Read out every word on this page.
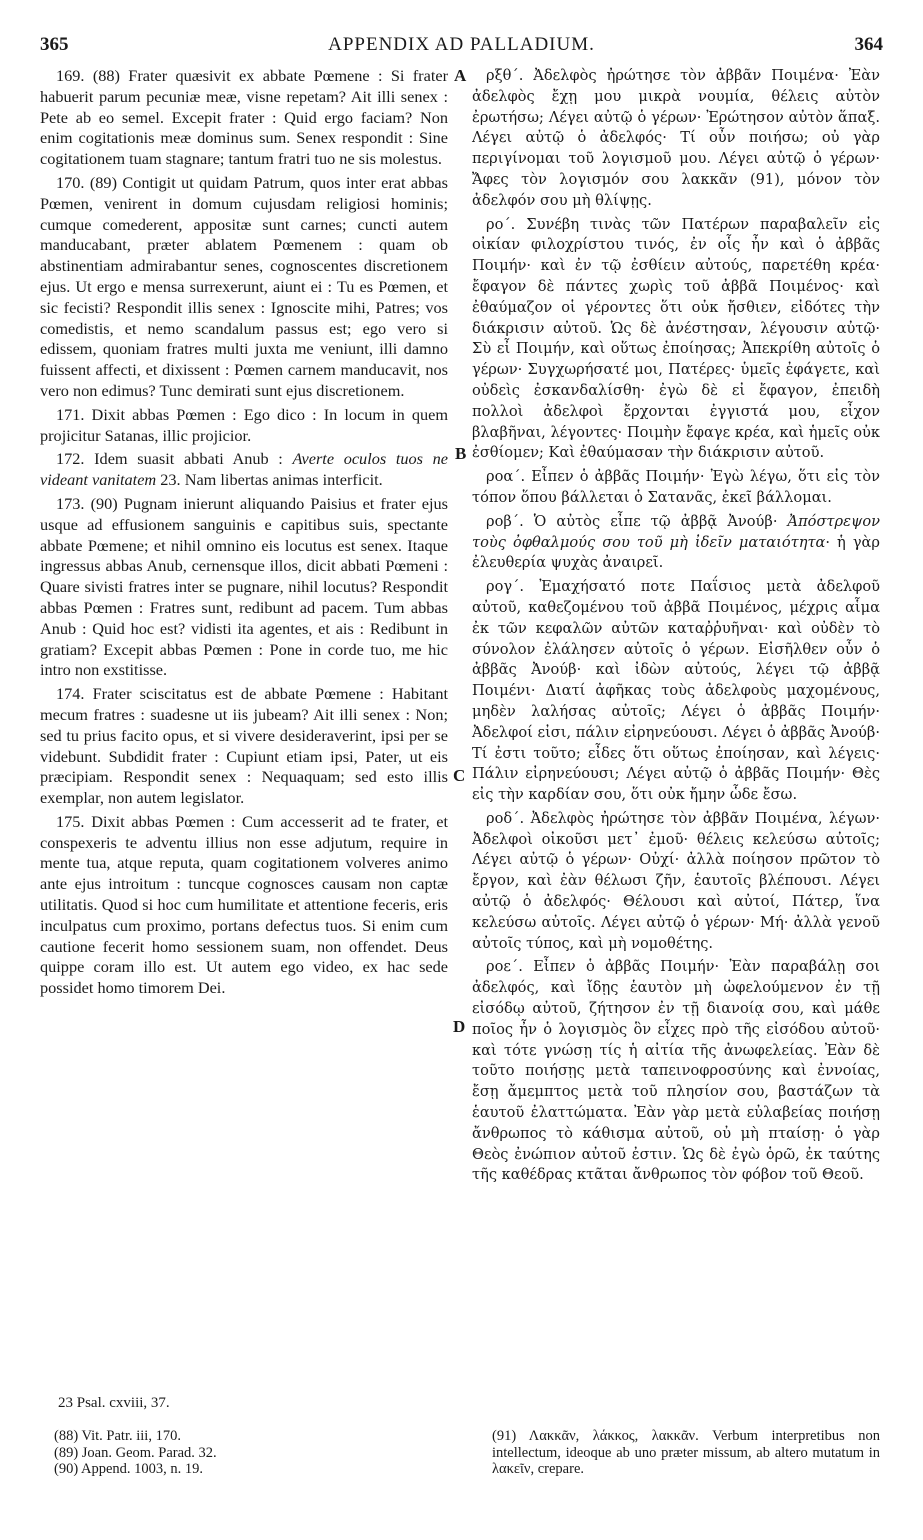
365	APPENDIX AD PALLADIUM.	364

169. (88) Frater quæsivit ex abbate Pœmene : Si frater habuerit parum pecuniæ meæ, visne repetam? Ait illi senex : Pete ab eo semel. Excepit frater : Quid ergo faciam? Non enim cogitationis meæ dominus sum. Senex respondit : Sine cogitationem tuam stagnare; tantum fratri tuo ne sis molestus.

170. (89) Contigit ut quidam Patrum, quos inter erat abbas Pœmen, venirent in domum cujusdam religiosi hominis; cumque comederent, appositæ sunt carnes; cuncti autem manducabant, præter ablatem Pœmenem : quam ob abstinentiam admirabantur senes, cognoscentes discretionem ejus. Ut ergo e mensa surrexerunt, aiunt ei : Tu es Pœmen, et sic fecisti? Respondit illis senex : Ignoscite mihi, Patres; vos comedistis, et nemo scandalum passus est; ego vero si edissem, quoniam fratres multi juxta me veniunt, illi damno fuissent affecti, et dixissent : Pœmen carnem manducavit, nos vero non edimus? Tunc demirati sunt ejus discretionem.

171. Dixit abbas Pœmen : Ego dico : In locum in quem projicitur Satanas, illic projicior.

172. Idem suasit abbati Anub : Averte oculos tuos ne videant vanitatem 23. Nam libertas animas interficit.

173. (90) Pugnam inierunt aliquando Paisius et frater ejus usque ad effusionem sanguinis e capitibus suis, spectante abbate Pœmene; et nihil omnino eis locutus est senex. Itaque ingressus abbas Anub, cernensque illos, dicit abbati Pœmeni : Quare sivisti fratres inter se pugnare, nihil locutus? Respondit abbas Pœmen : Fratres sunt, redibunt ad pacem. Tum abbas Anub : Quid hoc est? vidisti ita agentes, et ais : Redibunt in gratiam? Excepit abbas Pœmen : Pone in corde tuo, me hic intro non exstitisse.

174. Frater sciscitatus est de abbate Pœmene : Habitant mecum fratres : suadesne ut iis jubeam? Ait illi senex : Non; sed tu prius facito opus, et si vivere desideraverint, ipsi per se videbunt. Subdidit frater : Cupiunt etiam ipsi, Pater, ut eis præcipiam. Respondit senex : Nequaquam; sed esto illis exemplar, non autem legislator.

175. Dixit abbas Pœmen : Cum accesserit ad te frater, et conspexeris te adventu illius non esse adjutum, require in mente tua, atque reputa, quam cogitationem volveres animo ante ejus introitum : tuncque cognosces causam non captæ utilitatis. Quod si hoc cum humilitate et attentione feceris, eris inculpatus cum proximo, portans defectus tuos. Si enim cum cautione fecerit homo sessionem suam, non offendet. Deus quippe coram illo est. Ut autem ego video, ex hac sede possidet homo timorem Dei.

A
B
C
D

ρξθ΄. Ἀδελφὸς ἠρώτησε τὸν ἀββᾶν Ποιμένα· Ἐὰν ἀδελφὸς ἔχῃ μου μικρὰ νουμία, θέλεις αὐτὸν ἐρωτήσω; Λέγει αὐτῷ ὁ γέρων· Ἐρώτησον αὐτὸν ἅπαξ. Λέγει αὐτῷ ὁ ἀδελφός· Τί οὖν ποιήσω; οὐ γὰρ περιγίνομαι τοῦ λογισμοῦ μου. Λέγει αὐτῷ ὁ γέρων· Ἄφες τὸν λογισμόν σου λακκᾶν (91), μόνον τὸν ἀδελφόν σου μὴ θλίψῃς.

ρο΄. Συνέβη τινὰς τῶν Πατέρων παραβαλεῖν εἰς οἰκίαν φιλοχρίστου τινός, ἐν οἷς ἦν καὶ ὁ ἀββᾶς Ποιμήν· καὶ ἐν τῷ ἐσθίειν αὐτούς, παρετέθη κρέα· ἔφαγον δὲ πάντες χωρὶς τοῦ ἀββᾶ Ποιμένος· καὶ ἐθαύμαζον οἱ γέροντες ὅτι οὐκ ἤσθιεν, εἰδότες τὴν διάκρισιν αὐτοῦ. Ὡς δὲ ἀνέστησαν, λέγουσιν αὐτῷ· Σὺ εἶ Ποιμήν, καὶ οὕτως ἐποίησας; Ἀπεκρίθη αὐτοῖς ὁ γέρων· Συγχωρήσατέ μοι, Πατέρες· ὑμεῖς ἐφάγετε, καὶ οὐδεὶς ἐσκανδαλίσθη· ἐγὼ δὲ εἰ ἔφαγον, ἐπειδὴ πολλοὶ ἀδελφοὶ ἔρχονται ἐγγιστά μου, εἶχον βλαβῆναι, λέγοντες· Ποιμὴν ἔφαγε κρέα, καὶ ἡμεῖς οὐκ ἐσθίομεν; Καὶ ἐθαύμασαν τὴν διάκρισιν αὐτοῦ.

ροα΄. Εἶπεν ὁ ἀββᾶς Ποιμήν· Ἐγὼ λέγω, ὅτι εἰς τὸν τόπον ὅπου βάλλεται ὁ Σατανᾶς, ἐκεῖ βάλλομαι.

ροβ΄. Ὁ αὐτὸς εἶπε τῷ ἀββᾷ Ἀνούβ· Ἀπόστρεψον τοὺς ὀφθαλμούς σου τοῦ μὴ ἰδεῖν ματαιότητα· ἡ γὰρ ἐλευθερία ψυχὰς ἀναιρεῖ.

ρογ΄. Ἐμαχήσατό ποτε Παΐσιος μετὰ ἀδελφοῦ αὐτοῦ, καθεζομένου τοῦ ἀββᾶ Ποιμένος, μέχρις αἷμα ἐκ τῶν κεφαλῶν αὐτῶν καταῤῥυῆναι· καὶ οὐδὲν τὸ σύνολον ἐλάλησεν αὐτοῖς ὁ γέρων. Εἰσῆλθεν οὖν ὁ ἀββᾶς Ἀνούβ· καὶ ἰδὼν αὐτούς, λέγει τῷ ἀββᾷ Ποιμένι· Διατί ἀφῆκας τοὺς ἀδελφοὺς μαχομένους, μηδὲν λαλήσας αὐτοῖς; Λέγει ὁ ἀββᾶς Ποιμήν· Ἀδελφοί εἰσι, πάλιν εἰρηνεύουσι. Λέγει ὁ ἀββᾶς Ἀνούβ· Τί ἐστι τοῦτο; εἶδες ὅτι οὕτως ἐποίησαν, καὶ λέγεις· Πάλιν εἰρηνεύουσι; Λέγει αὐτῷ ὁ ἀββᾶς Ποιμήν· Θὲς εἰς τὴν καρδίαν σου, ὅτι οὐκ ἤμην ὧδε ἔσω.

ροδ΄. Ἀδελφὸς ἠρώτησε τὸν ἀββᾶν Ποιμένα, λέγων· Ἀδελφοὶ οἰκοῦσι μετ᾽ ἐμοῦ· θέλεις κελεύσω αὐτοῖς; Λέγει αὐτῷ ὁ γέρων· Οὐχί· ἀλλὰ ποίησον πρῶτον τὸ ἔργον, καὶ ἐὰν θέλωσι ζῆν, ἑαυτοῖς βλέπουσι. Λέγει αὐτῷ ὁ ἀδελφός· Θέλουσι καὶ αὐτοί, Πάτερ, ἵνα κελεύσω αὐτοῖς. Λέγει αὐτῷ ὁ γέρων· Μή· ἀλλὰ γενοῦ αὐτοῖς τύπος, καὶ μὴ νομοθέτης.

ροε΄. Εἶπεν ὁ ἀββᾶς Ποιμήν· Ἐὰν παραβάλῃ σοι ἀδελφός, καὶ ἴδῃς ἑαυτὸν μὴ ὠφελούμενον ἐν τῇ εἰσόδῳ αὐτοῦ, ζήτησον ἐν τῇ διανοίᾳ σου, καὶ μάθε ποῖος ἦν ὁ λογισμὸς ὃν εἶχες πρὸ τῆς εἰσόδου αὐτοῦ· καὶ τότε γνώσῃ τίς ἡ αἰτία τῆς ἀνωφελείας. Ἐὰν δὲ τοῦτο ποιήσῃς μετὰ ταπεινοφροσύνης καὶ ἐννοίας, ἔσῃ ἄμεμπτος μετὰ τοῦ πλησίον σου, βαστάζων τὰ ἑαυτοῦ ἐλαττώματα. Ἐὰν γὰρ μετὰ εὐλαβείας ποιήσῃ ἄνθρωπος τὸ κάθισμα αὐτοῦ, οὐ μὴ πταίσῃ· ὁ γὰρ Θεὸς ἐνώπιον αὐτοῦ ἐστιν. Ὡς δὲ ἐγὼ ὁρῶ, ἐκ ταύτης τῆς καθέδρας κτᾶται ἄνθρωπος τὸν φόβον τοῦ Θεοῦ.

23 Psal. cxviii, 37.
(88) Vit. Patr. iii, 170.
(89) Joan. Geom. Parad. 32.
(90) Append. 1003, n. 19.
(91) Λακκᾶν, λάκκος, λακκᾶν. Verbum interpretibus non intellectum, ideoque ab uno præter missum, ab altero mutatum in λακεῖν, crepare.
